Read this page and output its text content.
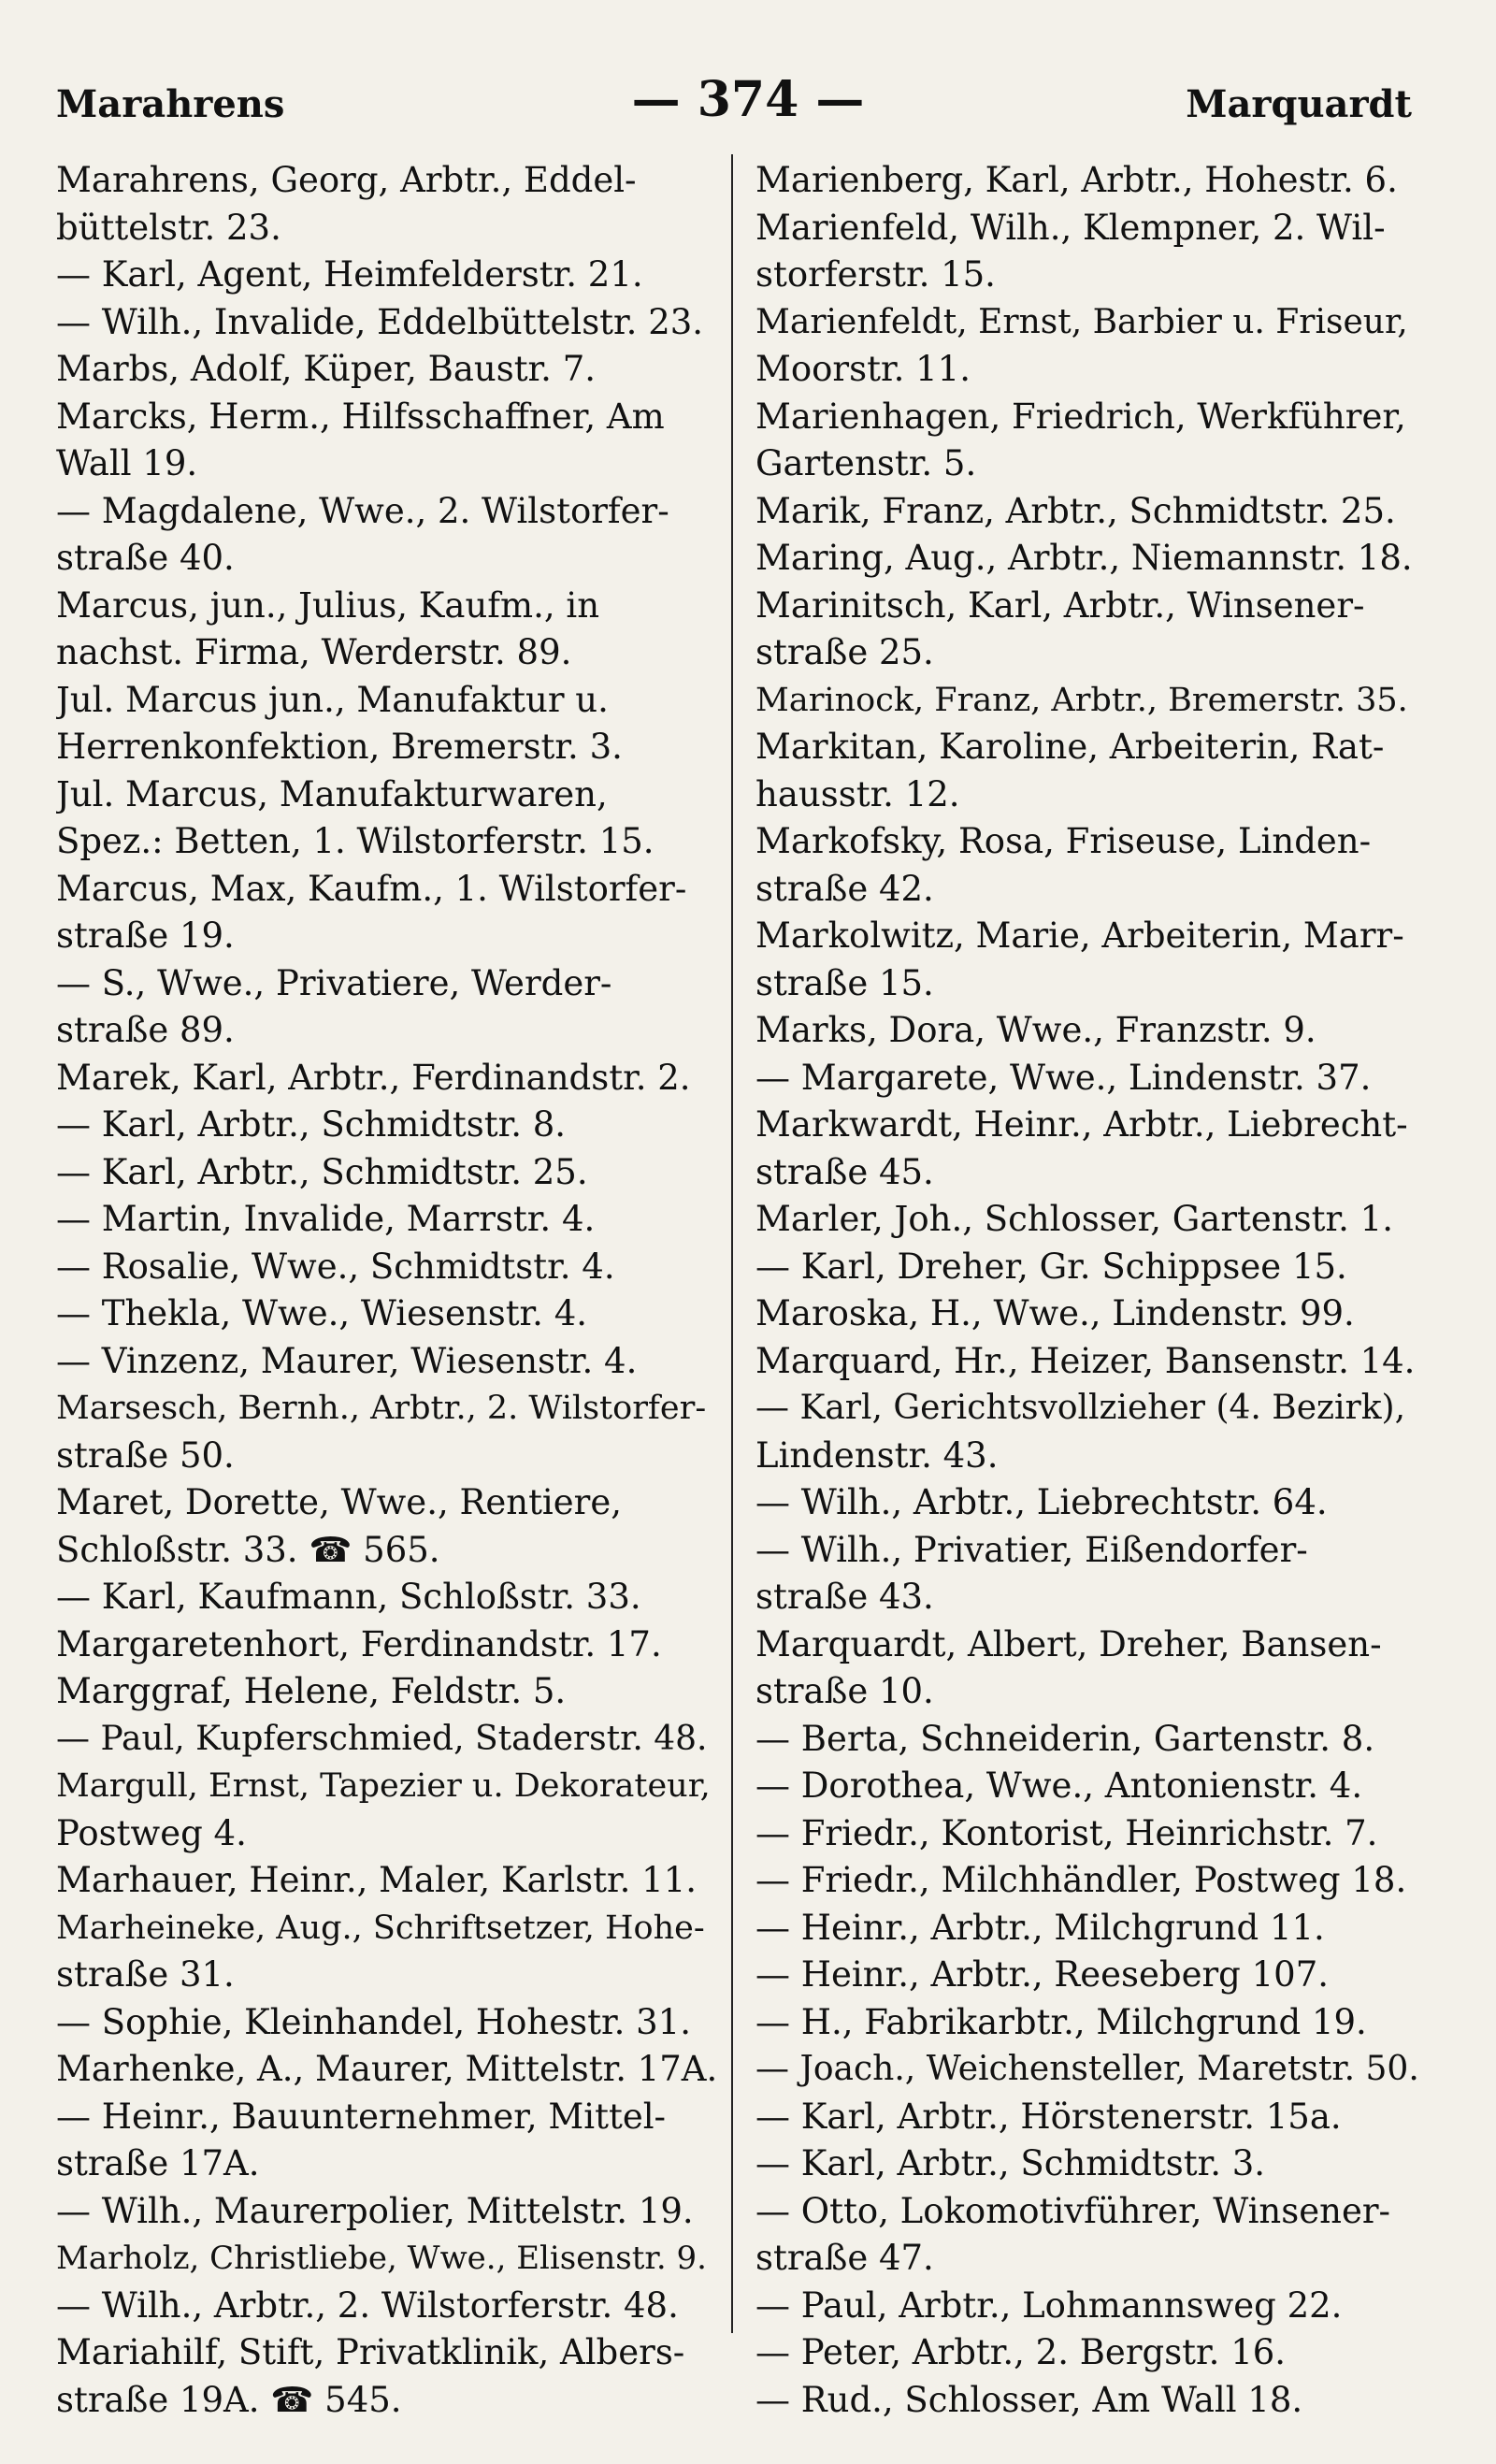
Marahrens	— 374 —	Marquardt
Marahrens, Georg, Arbtr., Eddel-
büttelstr. 23.
— Karl, Agent, Heimfelderstr. 21.
— Wilh., Invalide, Eddelbüttelstr. 23.
Marbs, Adolf, Küper, Baustr. 7.
Marcks, Herm., Hilfsschaffner, Am
Wall 19.
— Magdalene, Wwe., 2. Wilstorfer-
straße 40.
Marcus, jun., Julius, Kaufm., in
nachst. Firma, Werderstr. 89.
Jul. Marcus jun., Manufaktur u.
Herrenkonfektion, Bremerstr. 3.
Jul. Marcus, Manufakturwaren,
Spez.: Betten, 1. Wilstorferstr. 15.
Marcus, Max, Kaufm., 1. Wilstorfer-
straße 19.
— S., Wwe., Privatiere, Werder-
straße 89.
Marek, Karl, Arbtr., Ferdinandstr. 2.
— Karl, Arbtr., Schmidtstr. 8.
— Karl, Arbtr., Schmidtstr. 25.
— Martin, Invalide, Marrstr. 4.
— Rosalie, Wwe., Schmidtstr. 4.
— Thekla, Wwe., Wiesenstr. 4.
— Vinzenz, Maurer, Wiesenstr. 4.
Marsesch, Bernh., Arbtr., 2. Wilstorfer-
straße 50.
Maret, Dorette, Wwe., Rentiere,
Schloßstr. 33. ☎ 565.
— Karl, Kaufmann, Schloßstr. 33.
Margaretenhort, Ferdinandstr. 17.
Marggraf, Helene, Feldstr. 5.
— Paul, Kupferschmied, Staderstr. 48.
Margull, Ernst, Tapezier u. Dekorateur,
Postweg 4.
Marhauer, Heinr., Maler, Karlstr. 11.
Marheineke, Aug., Schriftsetzer, Hohe-
straße 31.
— Sophie, Kleinhandel, Hohestr. 31.
Marhenke, A., Maurer, Mittelstr. 17A.
— Heinr., Bauunternehmer, Mittel-
straße 17A.
— Wilh., Maurerpolier, Mittelstr. 19.
Marholz, Christliebe, Wwe., Elisenstr. 9.
— Wilh., Arbtr., 2. Wilstorferstr. 48.
Mariahilf, Stift, Privatklinik, Albers-
straße 19A. ☎ 545.
Marienberg, Karl, Arbtr., Hohestr. 6.
Marienfeld, Wilh., Klempner, 2. Wil-
storferstr. 15.
Marienfeldt, Ernst, Barbier u. Friseur,
Moorstr. 11.
Marienhagen, Friedrich, Werkführer,
Gartenstr. 5.
Marik, Franz, Arbtr., Schmidtstr. 25.
Maring, Aug., Arbtr., Niemannstr. 18.
Marinitsch, Karl, Arbtr., Winsener-
straße 25.
Marinock, Franz, Arbtr., Bremerstr. 35.
Markitan, Karoline, Arbeiterin, Rat-
hausstr. 12.
Markofsky, Rosa, Friseuse, Linden-
straße 42.
Markolwitz, Marie, Arbeiterin, Marr-
straße 15.
Marks, Dora, Wwe., Franzstr. 9.
— Margarete, Wwe., Lindenstr. 37.
Markwardt, Heinr., Arbtr., Liebrecht-
straße 45.
Marler, Joh., Schlosser, Gartenstr. 1.
— Karl, Dreher, Gr. Schippsee 15.
Maroska, H., Wwe., Lindenstr. 99.
Marquard, Hr., Heizer, Bansenstr. 14.
— Karl, Gerichtsvollzieher (4. Bezirk),
Lindenstr. 43.
— Wilh., Arbtr., Liebrechtstr. 64.
— Wilh., Privatier, Eißendorfer-
straße 43.
Marquardt, Albert, Dreher, Bansen-
straße 10.
— Berta, Schneiderin, Gartenstr. 8.
— Dorothea, Wwe., Antonienstr. 4.
— Friedr., Kontorist, Heinrichstr. 7.
— Friedr., Milchhändler, Postweg 18.
— Heinr., Arbtr., Milchgrund 11.
— Heinr., Arbtr., Reeseberg 107.
— H., Fabrikarbtr., Milchgrund 19.
— Joach., Weichensteller, Maretstr. 50.
— Karl, Arbtr., Hörstenerstr. 15a.
— Karl, Arbtr., Schmidtstr. 3.
— Otto, Lokomotivführer, Winsener-
straße 47.
— Paul, Arbtr., Lohmannsweg 22.
— Peter, Arbtr., 2. Bergstr. 16.
— Rud., Schlosser, Am Wall 18.
